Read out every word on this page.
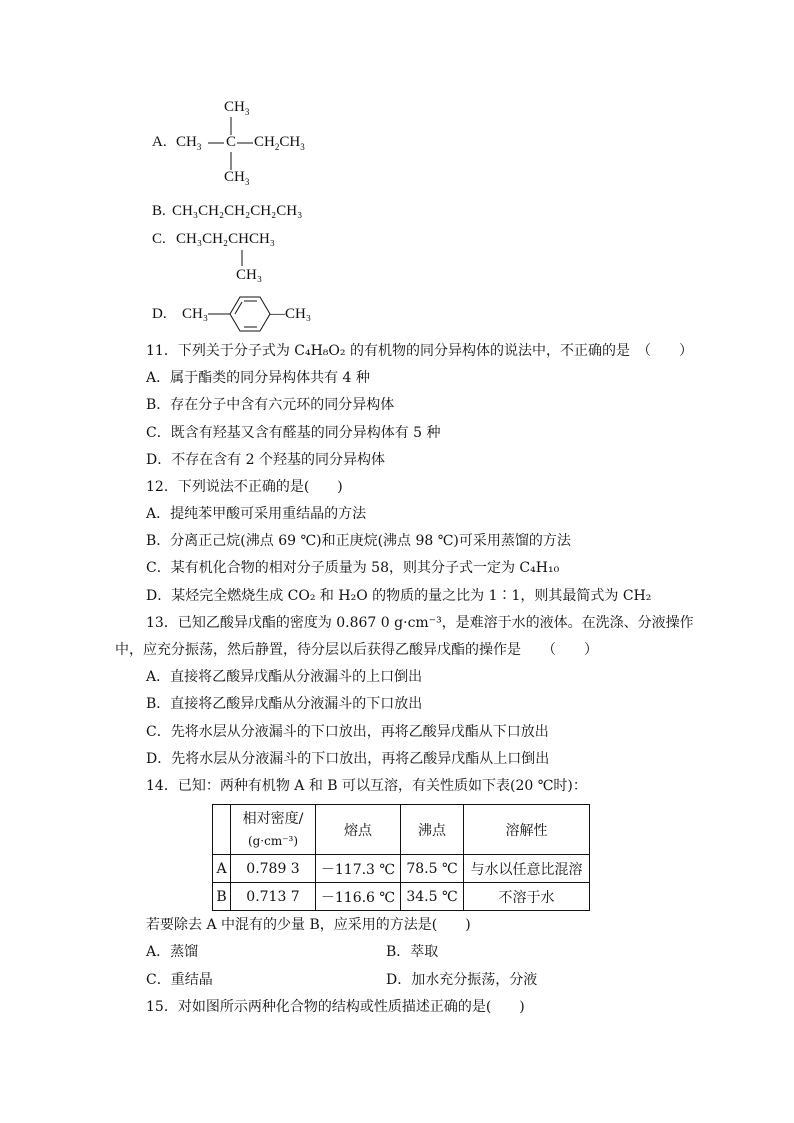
A.
$CH_3$
$CH_3$ C $CH_2CH_3$
$CH_3$
B. CH₃CH₂CH₂CH₂CH₃
C. CH₃CH₂CHCH₃
CH₃
D. CH₃	—CH₃
11．下列关于分子式为 C₄H₈O₂ 的有机物的同分异构体的说法中，不正确的是　（　　）
A．属于酯类的同分异构体共有 4 种
B．存在分子中含有六元环的同分异构体
C．既含有羟基又含有醛基的同分异构体有 5 种
D．不存在含有 2 个羟基的同分异构体
12．下列说法不正确的是(　　)
A．提纯苯甲酸可采用重结晶的方法
B．分离正己烷(沸点 69 ℃)和正庚烷(沸点 98 ℃)可采用蒸馏的方法
C．某有机化合物的相对分子质量为 58，则其分子式一定为 C₄H₁₀
D．某烃完全燃烧生成 CO₂ 和 H₂O 的物质的量之比为 1∶1，则其最简式为 CH₂
13．已知乙酸异戊酯的密度为 0.867 0 g·cm⁻³，是难溶于水的液体。在洗涤、分液操作
中，应充分振荡，然后静置，待分层以后获得乙酸异戊酯的操作是　　（　　）
A．直接将乙酸异戊酯从分液漏斗的上口倒出
B．直接将乙酸异戊酯从分液漏斗的下口放出
C．先将水层从分液漏斗的下口放出，再将乙酸异戊酯从下口放出
D．先将水层从分液漏斗的下口放出，再将乙酸异戊酯从上口倒出
14．已知：两种有机物 A 和 B 可以互溶，有关性质如下表(20 ℃时)：

	相对密度/
(g·cm⁻³)	熔点	沸点	溶解性
A	0.789 3	－117.3 ℃	78.5 ℃	与水以任意比混溶
B	0.713 7	－116.6 ℃	34.5 ℃	不溶于水
若要除去 A 中混有的少量 B，应采用的方法是(　　)
A．蒸馏	B．萃取
C．重结晶	D．加水充分振荡，分液
15．对如图所示两种化合物的结构或性质描述正确的是(　　)
